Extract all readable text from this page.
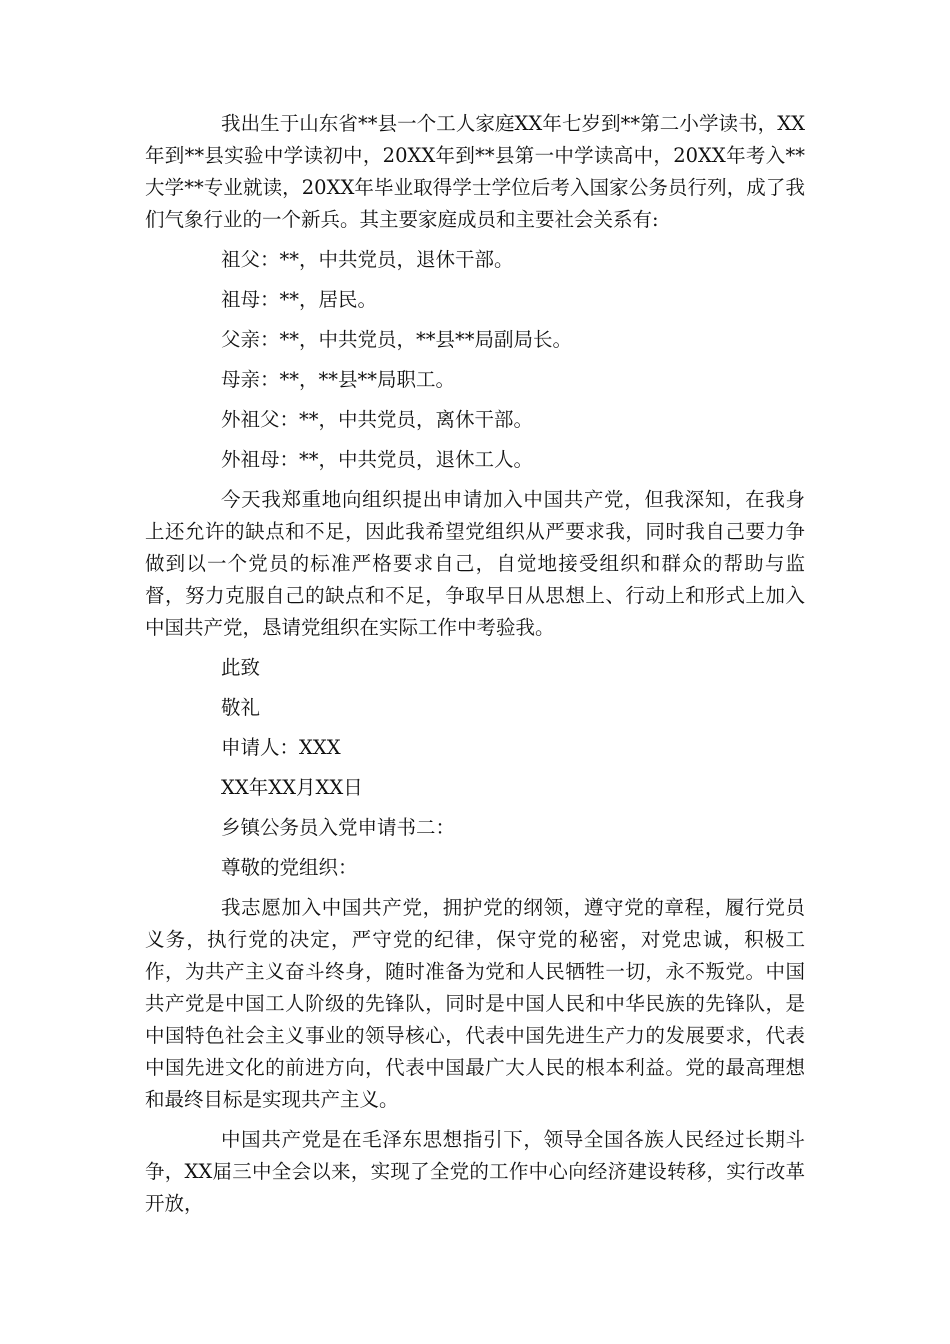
我出生于山东省**县一个工人家庭XX年七岁到**第二小学读书，XX年到**县实验中学读初中，20XX年到**县第一中学读高中，20XX年考入**大学**专业就读，20XX年毕业取得学士学位后考入国家公务员行列，成了我们气象行业的一个新兵。其主要家庭成员和主要社会关系有:

祖父：**，中共党员，退休干部。

祖母：**，居民。

父亲：**，中共党员，**县**局副局长。

母亲：**，**县**局职工。

外祖父：**，中共党员，离休干部。

外祖母：**，中共党员，退休工人。

今天我郑重地向组织提出申请加入中国共产党，但我深知，在我身上还允许的缺点和不足，因此我希望党组织从严要求我，同时我自己要力争做到以一个党员的标准严格要求自己，自觉地接受组织和群众的帮助与监督，努力克服自己的缺点和不足，争取早日从思想上、行动上和形式上加入中国共产党，恳请党组织在实际工作中考验我。

此致

敬礼

申请人：XXX

XX年XX月XX日

乡镇公务员入党申请书二：

尊敬的党组织：

我志愿加入中国共产党，拥护党的纲领，遵守党的章程，履行党员义务，执行党的决定，严守党的纪律，保守党的秘密，对党忠诚，积极工作，为共产主义奋斗终身，随时准备为党和人民牺牲一切，永不叛党。中国共产党是中国工人阶级的先锋队，同时是中国人民和中华民族的先锋队，是中国特色社会主义事业的领导核心，代表中国先进生产力的发展要求，代表中国先进文化的前进方向，代表中国最广大人民的根本利益。党的最高理想和最终目标是实现共产主义。

中国共产党是在毛泽东思想指引下，领导全国各族人民经过长期斗争，XX届三中全会以来，实现了全党的工作中心向经济建设转移，实行改革开放，
